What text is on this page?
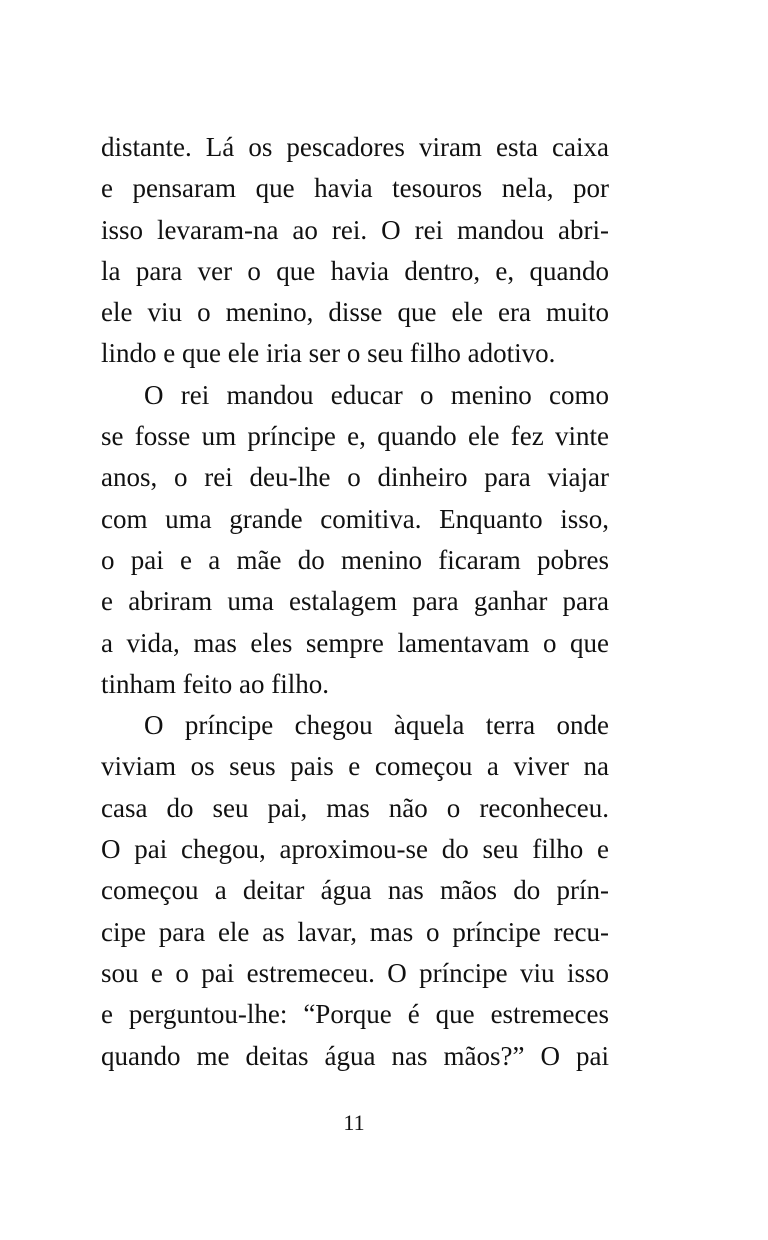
distante. Lá os pescadores viram esta caixa
e pensaram que havia tesouros nela, por
isso levaram-na ao rei. O rei mandou abri-
la para ver o que havia dentro, e, quando
ele viu o menino, disse que ele era muito
lindo e que ele iria ser o seu filho adotivo.
O rei mandou educar o menino como
se fosse um príncipe e, quando ele fez vinte
anos, o rei deu-lhe o dinheiro para viajar
com uma grande comitiva. Enquanto isso,
o pai e a mãe do menino ficaram pobres
e abriram uma estalagem para ganhar para
a vida, mas eles sempre lamentavam o que
tinham feito ao filho.
O príncipe chegou àquela terra onde
viviam os seus pais e começou a viver na
casa do seu pai, mas não o reconheceu.
O pai chegou, aproximou-se do seu filho e
começou a deitar água nas mãos do prín-
cipe para ele as lavar, mas o príncipe recu-
sou e o pai estremeceu. O príncipe viu isso
e perguntou-lhe: “Porque é que estremeces
quando me deitas água nas mãos?” O pai
11
